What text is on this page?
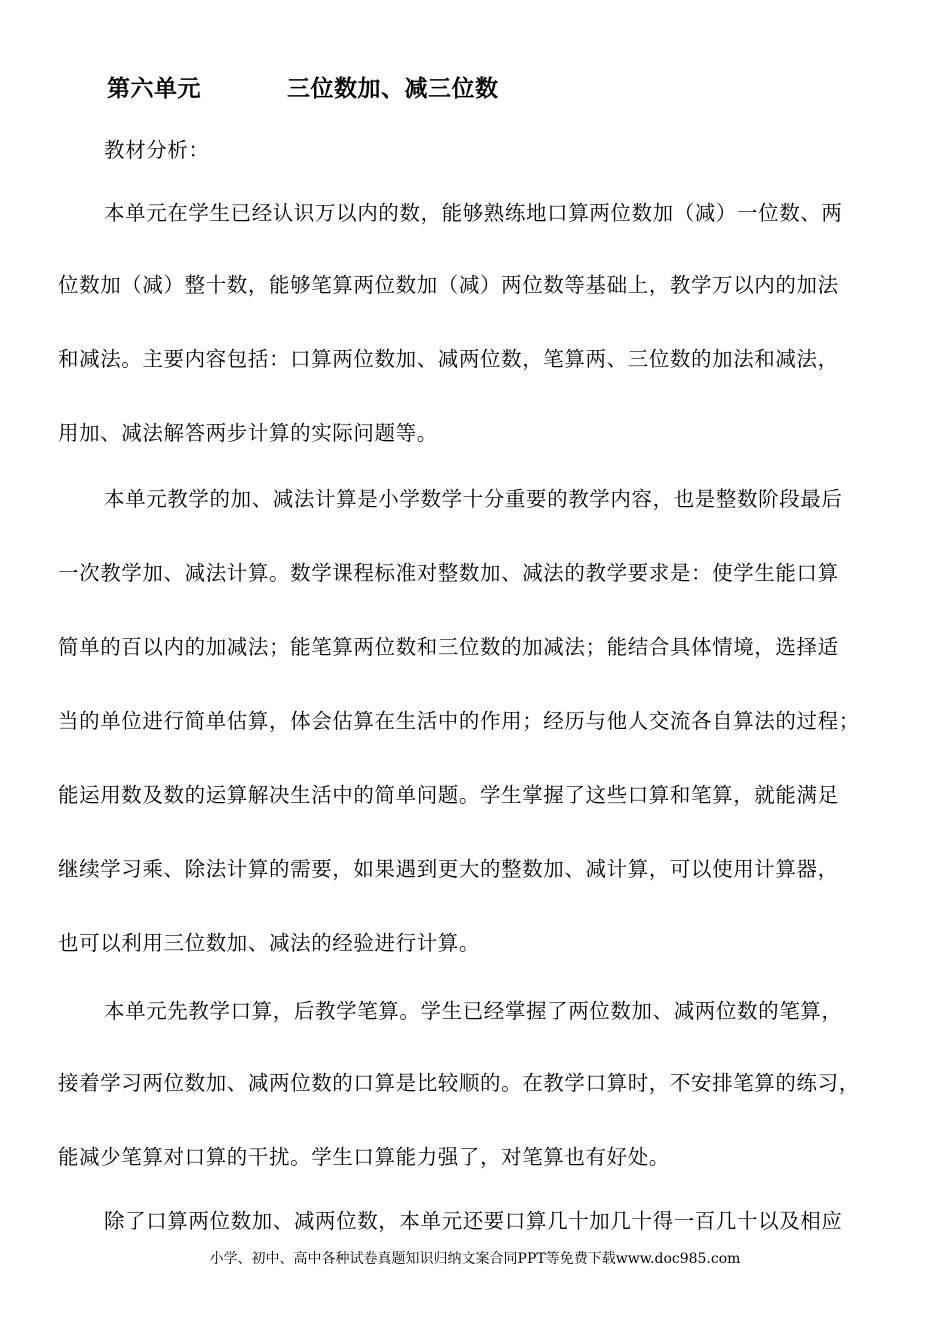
第六单元	三位数加、减三位数
教材分析：
本单元在学生已经认识万以内的数，能够熟练地口算两位数加（减）一位数、两
位数加（减）整十数，能够笔算两位数加（减）两位数等基础上，教学万以内的加法
和减法。主要内容包括：口算两位数加、减两位数，笔算两、三位数的加法和减法，
用加、减法解答两步计算的实际问题等。
本单元教学的加、减法计算是小学数学十分重要的教学内容，也是整数阶段最后
一次教学加、减法计算。数学课程标准对整数加、减法的教学要求是：使学生能口算
简单的百以内的加减法；能笔算两位数和三位数的加减法；能结合具体情境，选择适
当的单位进行简单估算，体会估算在生活中的作用；经历与他人交流各自算法的过程；
能运用数及数的运算解决生活中的简单问题。学生掌握了这些口算和笔算，就能满足
继续学习乘、除法计算的需要，如果遇到更大的整数加、减计算，可以使用计算器，
也可以利用三位数加、减法的经验进行计算。
本单元先教学口算，后教学笔算。学生已经掌握了两位数加、减两位数的笔算，
接着学习两位数加、减两位数的口算是比较顺的。在教学口算时，不安排笔算的练习，
能减少笔算对口算的干扰。学生口算能力强了，对笔算也有好处。
除了口算两位数加、减两位数，本单元还要口算几十加几十得一百几十以及相应
小学、初中、高中各种试卷真题知识归纳文案合同PPT等免费下载www.doc985.com
